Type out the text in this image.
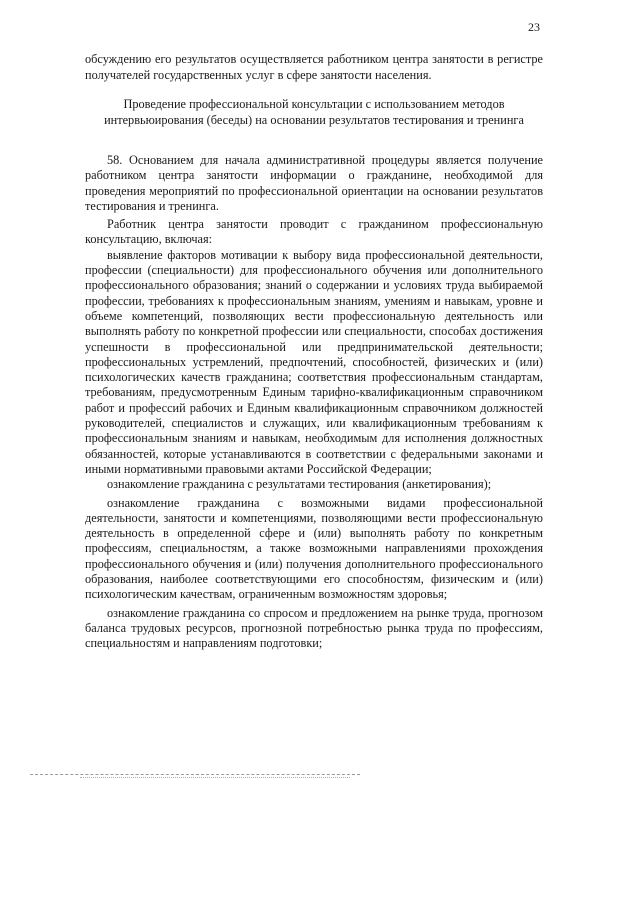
23
обсуждению его результатов осуществляется работником центра занятости в регистре получателей государственных услуг в сфере занятости населения.
Проведение профессиональной консультации с использованием методов интервьюирования (беседы) на основании результатов тестирования и тренинга

58. Основанием для начала административной процедуры является получение работником центра занятости информации о гражданине, необходимой для проведения мероприятий по профессиональной ориентации на основании результатов тестирования и тренинга.

Работник центра занятости проводит с гражданином профессиональную консультацию, включая:

выявление факторов мотивации к выбору вида профессиональной деятельности, профессии (специальности) для профессионального обучения или дополнительного профессионального образования; знаний о содержании и условиях труда выбираемой профессии, требованиях к профессиональным знаниям, умениям и навыкам, уровне и объеме компетенций, позволяющих вести профессиональную деятельность или выполнять работу по конкретной профессии или специальности, способах достижения успешности в профессиональной или предпринимательской деятельности; профессиональных устремлений, предпочтений, способностей, физических и (или) психологических качеств гражданина; соответствия профессиональным стандартам, требованиям, предусмотренным Единым тарифно-квалификационным справочником работ и профессий рабочих и Единым квалификационным справочником должностей руководителей, специалистов и служащих, или квалификационным требованиям к профессиональным знаниям и навыкам, необходимым для исполнения должностных обязанностей, которые устанавливаются в соответствии с федеральными законами и иными нормативными правовыми актами Российской Федерации;

ознакомление гражданина с результатами тестирования (анкетирования);

ознакомление гражданина с возможными видами профессиональной деятельности, занятости и компетенциями, позволяющими вести профессиональную деятельность в определенной сфере и (или) выполнять работу по конкретным профессиям, специальностям, а также возможными направлениями прохождения профессионального обучения и (или) получения дополнительного профессионального образования, наиболее соответствующими его способностям, физическим и (или) психологическим качествам, ограниченным возможностям здоровья;

ознакомление гражданина со спросом и предложением на рынке труда, прогнозом баланса трудовых ресурсов, прогнозной потребностью рынка труда по профессиям, специальностям и направлениям подготовки;
